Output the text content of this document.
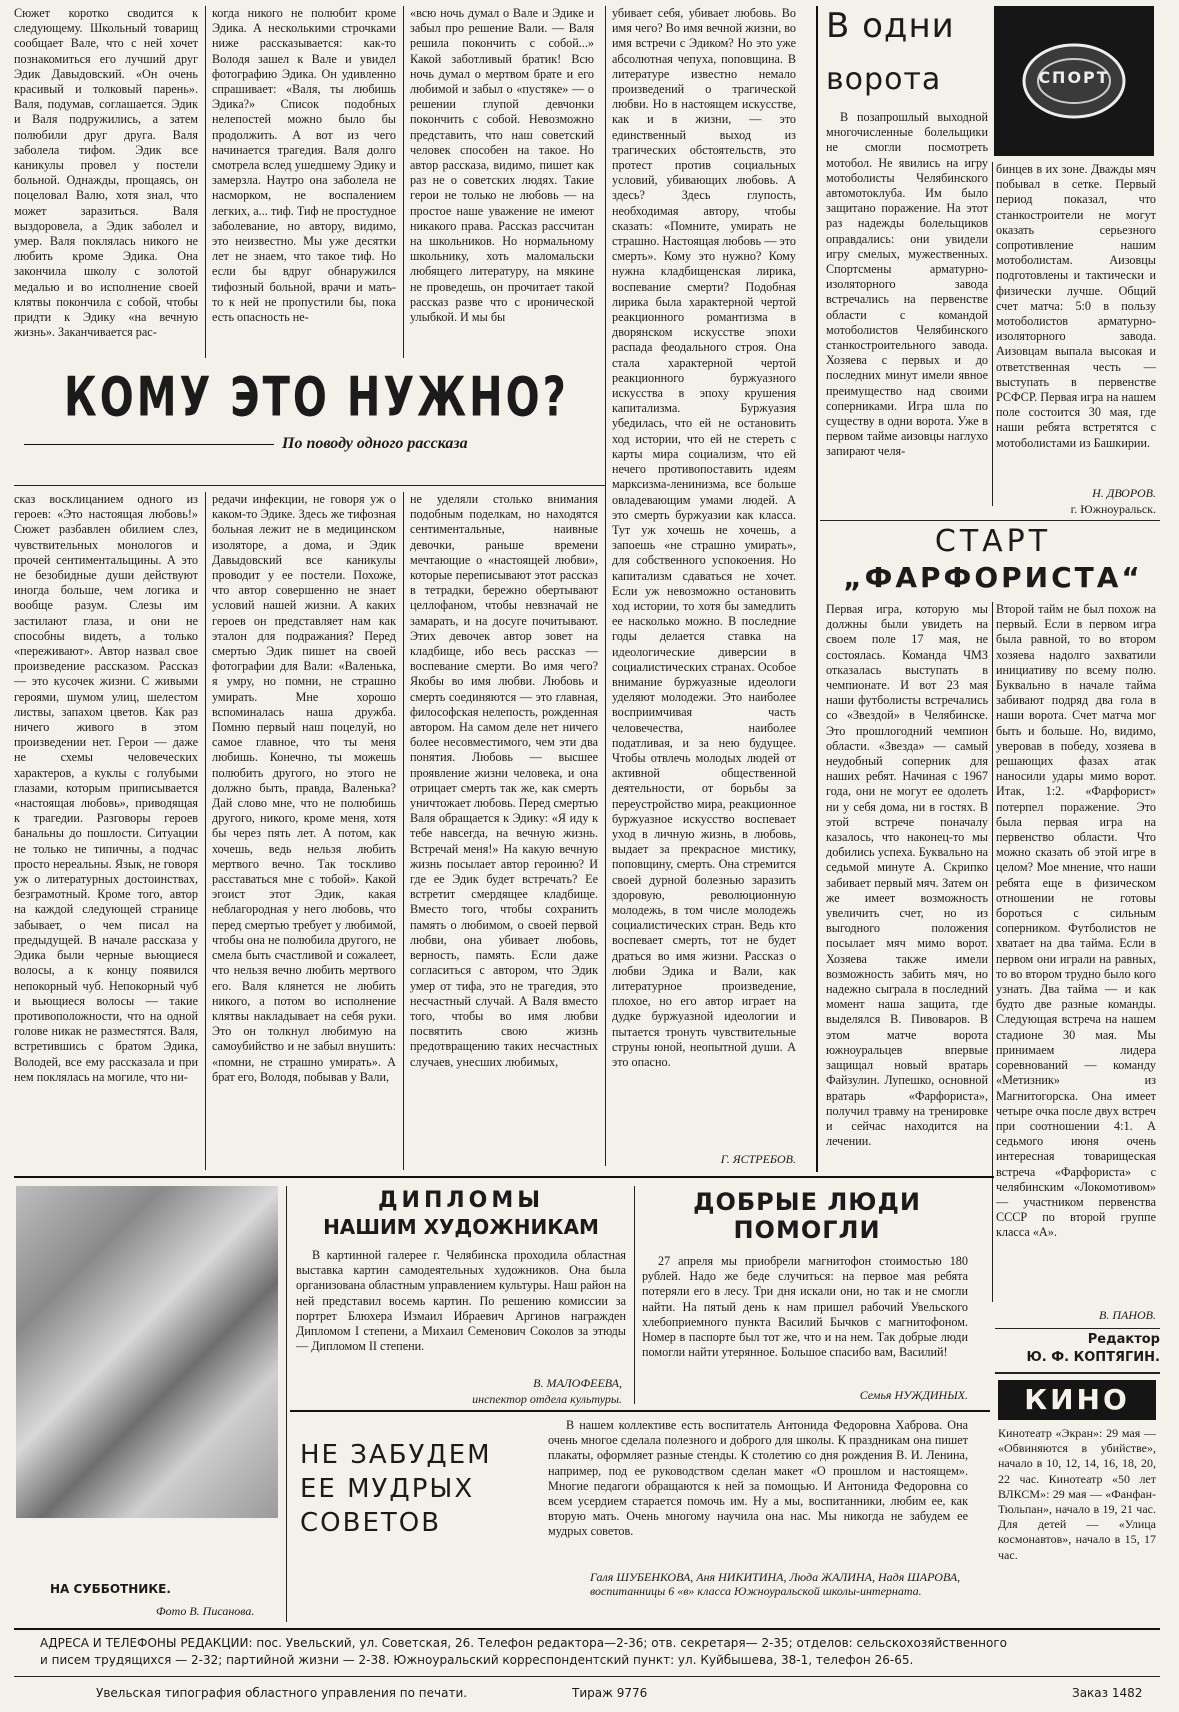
Сюжет коротко сводится к следующему. Школьный товарищ сообщает Вале, что с ней хочет познакомиться его лучший друг Эдик Давыдовский. «Он очень красивый и толковый парень». Валя, подумав, соглашается. Эдик и Валя подружились, а затем полюбили друг друга. Валя заболела тифом. Эдик все каникулы провел у постели больной. Однажды, прощаясь, он поцеловал Валю, хотя знал, что может заразиться. Валя выздоровела, а Эдик заболел и умер. Валя поклялась никого не любить кроме Эдика. Она закончила школу с золотой медалью и во исполнение своей клятвы покончила с собой, чтобы придти к Эдику «на вечную жизнь». Заканчивается рас-
когда никого не полюбит кроме Эдика. А несколькими строчками ниже рассказывается: как-то Володя зашел к Вале и увидел фотографию Эдика. Он удивленно спрашивает: «Валя, ты любишь Эдика?» Список подобных нелепостей можно было бы продолжить. А вот из чего начинается трагедия. Валя долго смотрела вслед ушедшему Эдику и замерзла. Наутро она заболела не насморком, не воспалением легких, а... тиф. Тиф не простудное заболевание, но автору, видимо, это неизвестно. Мы уже десятки лет не знаем, что такое тиф. Но если бы вдруг обнаружился тифозный больной, врачи и мать-то к ней не пропустили бы, пока есть опасность не-
«всю ночь думал о Вале и Эдике и забыл про решение Вали. — Валя решила покончить с собой...» Какой заботливый братик! Всю ночь думал о мертвом брате и его любимой и забыл о «пустяке» — о решении глупой девчонки покончить с собой. Невозможно представить, что наш советский человек способен на такое. Но автор рассказа, видимо, пишет как раз не о советских людях. Такие герои не только не любовь — на простое наше уважение не имеют никакого права. Рассказ рассчитан на школьников. Но нормальному школьнику, хоть маломальски любящего литературу, на мякине не проведешь, он прочитает такой рассказ разве что с иронической улыбкой. И мы бы
убивает себя, убивает любовь. Во имя чего? Во имя вечной жизни, во имя встречи с Эдиком? Но это уже абсолютная чепуха, поповщина. В литературе известно немало произведений о трагической любви. Но в настоящем искусстве, как и в жизни, — это единственный выход из трагических обстоятельств, это протест против социальных условий, убивающих любовь. А здесь? Здесь глупость, необходимая автору, чтобы сказать: «Помните, умирать не страшно. Настоящая любовь — это смерть». Кому это нужно? Кому нужна кладбищенская лирика, воспевание смерти? Подобная лирика была характерной чертой реакционного романтизма в дворянском искусстве эпохи распада феодального строя. Она стала характерной чертой реакционного буржуазного искусства в эпоху крушения капитализма. Буржуазия убедилась, что ей не остановить ход истории, что ей не стереть с карты мира социализм, что ей нечего противопоставить идеям марксизма-ленинизма, все больше овладевающим умами людей. А это смерть буржуазии как класса. Тут уж хочешь не хочешь, а запоешь «не страшно умирать», для собственного успокоения. Но капитализм сдаваться не хочет. Если уж невозможно остановить ход истории, то хотя бы замедлить ее насколько можно. В последние годы делается ставка на идеологические диверсии в социалистических странах. Особое внимание буржуазные идеологи уделяют молодежи. Это наиболее восприимчивая часть человечества, наиболее податливая, и за нею будущее. Чтобы отвлечь молодых людей от активной общественной деятельности, от борьбы за переустройство мира, реакционное буржуазное искусство воспевает уход в личную жизнь, в любовь, выдает за прекрасное мистику, поповщину, смерть. Она стремится своей дурной болезнью заразить здоровую, революционную молодежь, в том числе молодежь социалистических стран. Ведь кто воспевает смерть, тот не будет драться во имя жизни. Рассказ о любви Эдика и Вали, как литературное произведение, плохое, но его автор играет на дудке буржуазной идеологии и пытается тронуть чувствительные струны юной, неопытной души. А это опасно.
Г. ЯСТРЕБОВ.
КОМУ ЭТО НУЖНО?
По поводу одного рассказа
сказ восклицанием одного из героев: «Это настоящая любовь!» Сюжет разбавлен обилием слез, чувствительных монологов и прочей сентиментальщины. А это не безобидные души действуют иногда больше, чем логика и вообще разум. Слезы им застилают глаза, и они не способны видеть, а только «переживают». Автор назвал свое произведение рассказом. Рассказ — это кусочек жизни. С живыми героями, шумом улиц, шелестом листвы, запахом цветов. Как раз ничего живого в этом произведении нет. Герои — даже не схемы человеческих характеров, а куклы с голубыми глазами, которым приписывается «настоящая любовь», приводящая к трагедии. Разговоры героев банальны до пошлости. Ситуации не только не типичны, а подчас просто нереальны. Язык, не говоря уж о литературных достоинствах, безграмотный. Кроме того, автор на каждой следующей странице забывает, о чем писал на предыдущей. В начале рассказа у Эдика были черные вьющиеся волосы, а к концу появился непокорный чуб. Непокорный чуб и вьющиеся волосы — такие противоположности, что на одной голове никак не разместятся. Валя, встретившись с братом Эдика, Володей, все ему рассказала и при нем поклялась на могиле, что ни-
редачи инфекции, не говоря уж о каком-то Эдике. Здесь же тифозная больная лежит не в медицинском изоляторе, а дома, и Эдик Давыдовский все каникулы проводит у ее постели. Похоже, что автор совершенно не знает условий нашей жизни. А каких героев он представляет нам как эталон для подражания? Перед смертью Эдик пишет на своей фотографии для Вали: «Валенька, я умру, но помни, не страшно умирать. Мне хорошо вспоминалась наша дружба. Помню первый наш поцелуй, но самое главное, что ты меня любишь. Конечно, ты можешь полюбить другого, но этого не должно быть, правда, Валенька? Дай слово мне, что не полюбишь другого, никого, кроме меня, хотя бы через пять лет. А потом, как хочешь, ведь нельзя любить мертвого вечно. Так тоскливо расставаться мне с тобой». Какой эгоист этот Эдик, какая неблагородная у него любовь, что перед смертью требует у любимой, чтобы она не полюбила другого, не смела быть счастливой и сожалеет, что нельзя вечно любить мертвого его. Валя клянется не любить никого, а потом во исполнение клятвы накладывает на себя руки. Это он толкнул любимую на самоубийство и не забыл внушить: «помни, не страшно умирать». А брат его, Володя, побывав у Вали,
не уделяли столько внимания подобным поделкам, но находятся сентиментальные, наивные девочки, раньше времени мечтающие о «настоящей любви», которые переписывают этот рассказ в тетрадки, бережно обертывают целлофаном, чтобы невзначай не замарать, и на досуге почитывают. Этих девочек автор зовет на кладбище, ибо весь рассказ — воспевание смерти. Во имя чего? Якобы во имя любви. Любовь и смерть соединяются — это главная, философская нелепость, рожденная автором. На самом деле нет ничего более несовместимого, чем эти два понятия. Любовь — высшее проявление жизни человека, и она отрицает смерть так же, как смерть уничтожает любовь. Перед смертью Валя обращается к Эдику: «Я иду к тебе навсегда, на вечную жизнь. Встречай меня!» На какую вечную жизнь посылает автор героиню? И где ее Эдик будет встречать? Ее встретит смердящее кладбище. Вместо того, чтобы сохранить память о любимом, о своей первой любви, она убивает любовь, верность, память. Если даже согласиться с автором, что Эдик умер от тифа, это не трагедия, это несчастный случай. А Валя вместо того, чтобы во имя любви посвятить свою жизнь предотвращению таких несчастных случаев, унесших любимых,
В одни
ворота	СПОРТ
В позапрошлый выходной многочисленные болельщики не смогли посмотреть мотобол. Не явились на игру мотоболисты Челябинского автомотоклуба. Им было защитано поражение. На этот раз надежды болельщиков оправдались: они увидели игру смелых, мужественных. Спортсмены арматурно-изоляторного завода встречались на первенстве области с командой мотоболистов Челябинского станкостроительного завода. Хозяева с первых и до последних минут имели явное преимущество над своими соперниками. Игра шла по существу в одни ворота. Уже в первом тайме аизовцы наглухо запирают челя-
бинцев в их зоне. Дважды мяч побывал в сетке. Первый период показал, что станкостроители не могут оказать серьезного сопротивление нашим мотоболистам. Аизовцы подготовлены и тактически и физически лучше. Общий счет матча: 5:0 в пользу мотоболистов арматурно-изоляторного завода. Аизовцам выпала высокая и ответственная честь — выступать в первенстве РСФСР. Первая игра на нашем поле состоится 30 мая, где наши ребята встретятся с мотоболистами из Башкирии.
Н. ДВОРОВ.
г. Южноуральск.
СТАРТ
„ФАРФОРИСТА“
Первая игра, которую мы должны были увидеть на своем поле 17 мая, не состоялась. Команда ЧМЗ отказалась выступать в чемпионате. И вот 23 мая наши футболисты встречались со «Звездой» в Челябинске. Это прошлогодний чемпион области. «Звезда» — самый неудобный соперник для наших ребят. Начиная с 1967 года, они не могут ее одолеть ни у себя дома, ни в гостях. В этой встрече поначалу казалось, что наконец-то мы добились успеха. Буквально на седьмой минуте А. Скрипко забивает первый мяч. Затем он же имеет возможность увеличить счет, но из выгодного положения посылает мяч мимо ворот. Хозяева также имели возможность забить мяч, но надежно сыграла в последний момент наша защита, где выделялся В. Пивоваров. В этом матче ворота южноуральцев впервые защищал новый вратарь Файзулин. Лупешко, основной вратарь «Фарфориста», получил травму на тренировке и сейчас находится на лечении.
Второй тайм не был похож на первый. Если в первом игра была равной, то во втором хозяева надолго захватили инициативу по всему полю. Буквально в начале тайма забивают подряд два гола в наши ворота. Счет матча мог быть и больше. Но, видимо, уверовав в победу, хозяева в решающих фазах атак наносили удары мимо ворот. Итак, 1:2. «Фарфорист» потерпел поражение. Это была первая игра на первенство области. Что можно сказать об этой игре в целом? Мое мнение, что наши ребята еще в физическом отношении не готовы бороться с сильным соперником. Футболистов не хватает на два тайма. Если в первом они играли на равных, то во втором трудно было кого узнать. Два тайма — и как будто две разные команды. Следующая встреча на нашем стадионе 30 мая. Мы принимаем лидера соревнований — команду «Метизник» из Магнитогорска. Она имеет четыре очка после двух встреч при соотношении 4:1. А седьмого июня очень интересная товарищеская встреча «Фарфориста» с челябинским «Локомотивом» — участником первенства СССР по второй группе класса «А».
В. ПАНОВ.
Редактор
Ю. Ф. КОПТЯГИН.
КИНО
Кинотеатр «Экран»: 29 мая — «Обвиняются в убийстве», начало в 10, 12, 14, 16, 18, 20, 22 час. Кинотеатр «50 лет ВЛКСМ»: 29 мая — «Фанфан-Тюльпан», начало в 19, 21 час. Для детей — «Улица космонавтов», начало в 15, 17 час.
НА СУББОТНИКЕ.
Фото В. Писанова.
ДИПЛОМЫ
НАШИМ ХУДОЖНИКАМ
В картинной галерее г. Челябинска проходила областная выставка картин самодеятельных художников. Она была организована областным управлением культуры. Наш район на ней представил восемь картин. По решению комиссии за портрет Блюхера Измаил Ибраевич Аргинов награжден Дипломом I степени, а Михаил Семенович Соколов за этюды — Дипломом II степени.
В. МАЛОФЕЕВА,
инспектор отдела культуры.
ДОБРЫЕ ЛЮДИ
ПОМОГЛИ
27 апреля мы приобрели магнитофон стоимостью 180 рублей. Надо же беде случиться: на первое мая ребята потеряли его в лесу. Три дня искали они, но так и не смогли найти. На пятый день к нам пришел рабочий Увельского хлебоприемного пункта Василий Бычков с магнитофоном. Номер в паспорте был тот же, что и на нем. Так добрые люди помогли найти утерянное. Большое спасибо вам, Василий!
Семья НУЖДИНЫХ.
НЕ ЗАБУДЕМ
ЕЕ МУДРЫХ
СОВЕТОВ
В нашем коллективе есть воспитатель Антонида Федоровна Хаброва. Она очень многое сделала полезного и доброго для школы. К праздникам она пишет плакаты, оформляет разные стенды. К столетию со дня рождения В. И. Ленина, например, под ее руководством сделан макет «О прошлом и настоящем». Многие педагоги обращаются к ней за помощью. И Антонида Федоровна со всем усердием старается помочь им. Ну а мы, воспитанники, любим ее, как вторую мать. Очень многому научила она нас. Мы никогда не забудем ее мудрых советов.
Галя ШУБЕНКОВА, Аня НИКИТИНА, Люда ЖАЛИНА, Надя ШАРОВА, воспитанницы 6 «в» класса Южноуральской школы-интерната.
АДРЕСА И ТЕЛЕФОНЫ РЕДАКЦИИ: пос. Увельский, ул. Советская, 26. Телефон редактора—2-36; отв. секретаря— 2-35; отделов: сельскохозяйственного
и писем трудящихся — 2-32; партийной жизни — 2-38. Южноуральский корреспондентский пункт: ул. Куйбышева, 38-1, телефон 26-65.
Увельская типография областного управления по печати.	Тираж 9776	Заказ 1482
